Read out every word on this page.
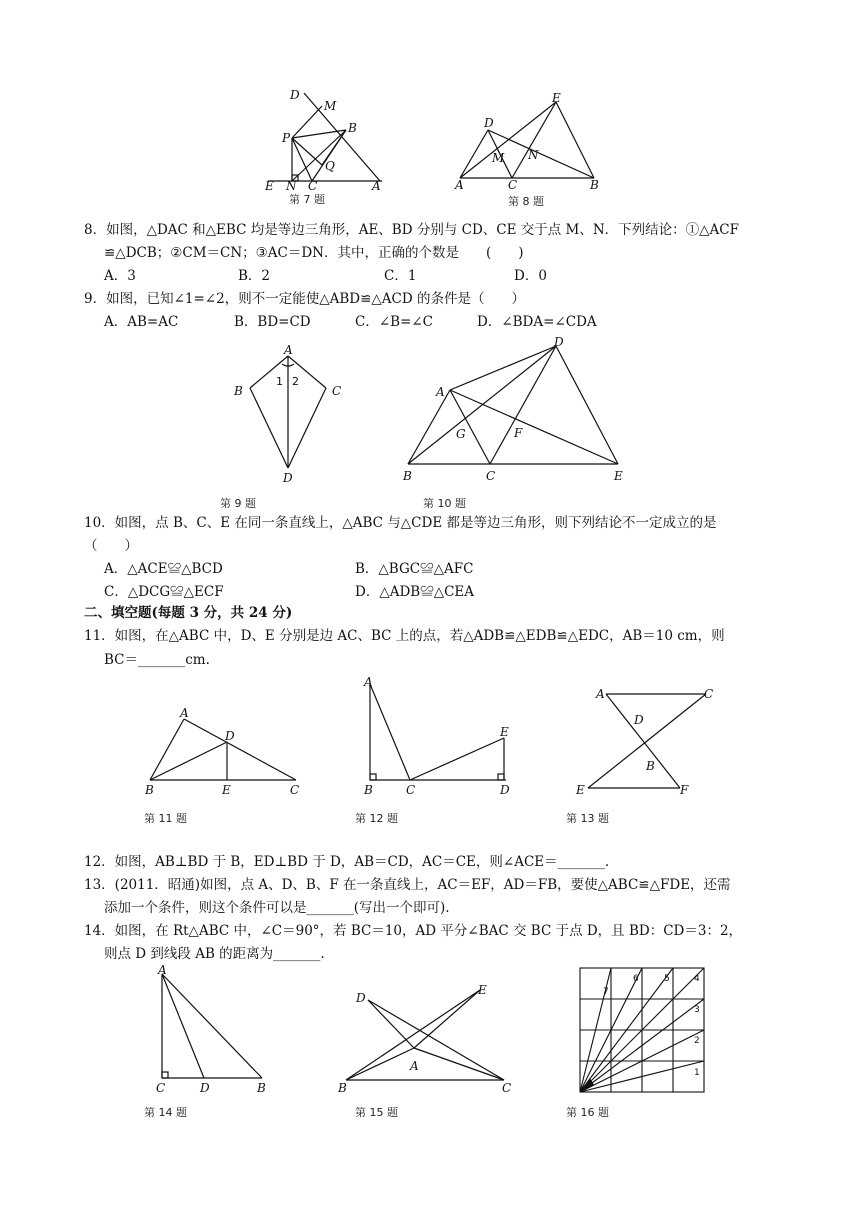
D
M
P
B
Q
E N C	A
第 7 题
E
D
M N
A	C	B
第 8 题
8．如图，△DAC 和△EBC 均是等边三角形，AE、BD 分别与 CD、CE 交于点 M、N．下列结论：①△ACF
≌△DCB；②CM＝CN；③AC＝DN．其中，正确的个数是　　(　　)
A．3	B．2	C．1	D．0
9．如图，已知∠1=∠2，则不一定能使△ABD≌△ACD 的条件是（　　）
A．AB=AC	B．BD=CD	C．∠B=∠C	D．∠BDA=∠CDA
A
B	C
D
1 2
第 9 题
D
A
G	F
B	C	E
第 10 题
10．如图，点 B、C、E 在同一条直线上，△ABC 与△CDE 都是等边三角形，则下列结论不一定成立的是
（　　）
A．△ACE≌△BCD	B．△BGC≌△AFC
C．△DCG≌△ECF	D．△ADB≌△CEA
二、填空题(每题 3 分，共 24 分)
11．如图，在△ABC 中，D、E 分别是边 AC、BC 上的点，若△ADB≌△EDB≌△EDC，AB＝10 cm，则
BC＝_______cm.
A
D
B	E	C
第 11 题
A
E
B	C	D
第 12 题
A	C
D
B
E	F
第 13 题
12．如图，AB⊥BD 于 B，ED⊥BD 于 D，AB＝CD，AC＝CE，则∠ACE＝_______.
13．(2011．昭通)如图，点 A、D、B、F 在一条直线上，AC＝EF，AD＝FB，要使△ABC≌△FDE，还需
添加一个条件，则这个条件可以是_______(写出一个即可).
14．如图，在 Rt△ABC 中，∠C＝90°，若 BC＝10，AD 平分∠BAC 交 BC 于点 D，且 BD：CD＝3：2，
则点 D 到线段 AB 的距离为_______.
A
C	D	B
第 14 题
D
E
A
B	C
第 15 题
1
2
3
4
5
6
7
第 16 题
